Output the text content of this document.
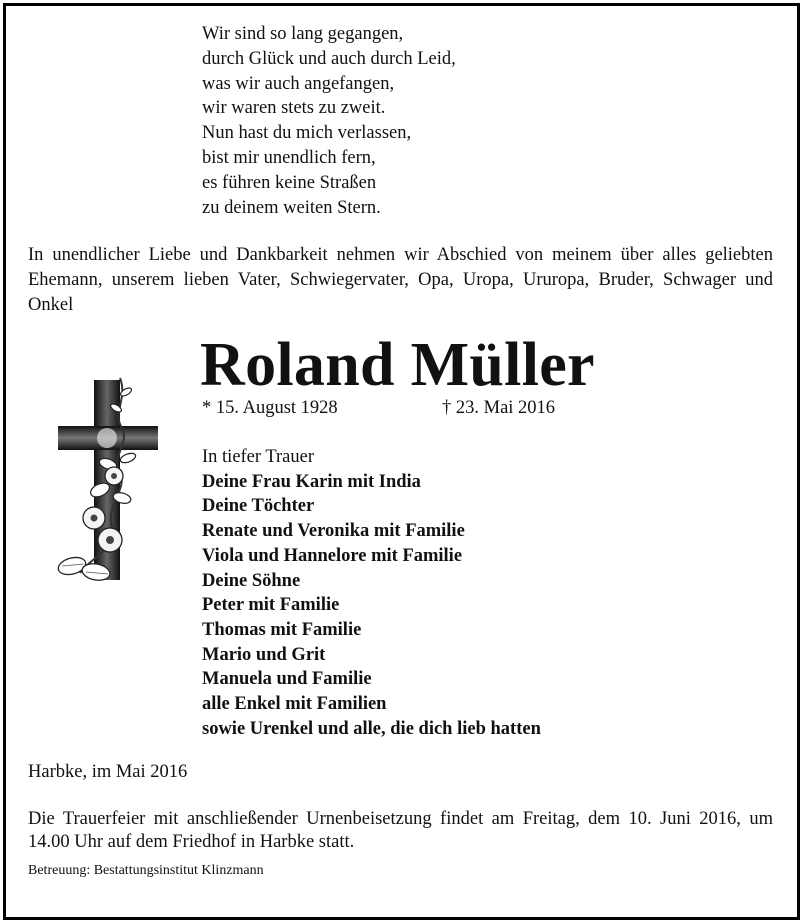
Wir sind so lang gegangen,
durch Glück und auch durch Leid,
was wir auch angefangen,
wir waren stets zu zweit.
Nun hast du mich verlassen,
bist mir unendlich fern,
es führen keine Straßen
zu deinem weiten Stern.
In unendlicher Liebe und Dankbarkeit nehmen wir Abschied von meinem über alles geliebten Ehemann, unserem lieben Vater, Schwiegervater, Opa, Uropa, Ururopa, Bruder, Schwager und Onkel
Roland Müller
* 15. August 1928	† 23. Mai 2016
In tiefer Trauer
Deine Frau Karin mit India
Deine Töchter
Renate und Veronika mit Familie
Viola und Hannelore mit Familie
Deine Söhne
Peter mit Familie
Thomas mit Familie
Mario und Grit
Manuela und Familie
alle Enkel mit Familien
sowie Urenkel und alle, die dich lieb hatten
Harbke, im Mai 2016
Die Trauerfeier mit anschließender Urnenbeisetzung findet am Freitag, dem 10. Juni 2016, um 14.00 Uhr auf dem Friedhof in Harbke statt.
Betreuung: Bestattungsinstitut Klinzmann
